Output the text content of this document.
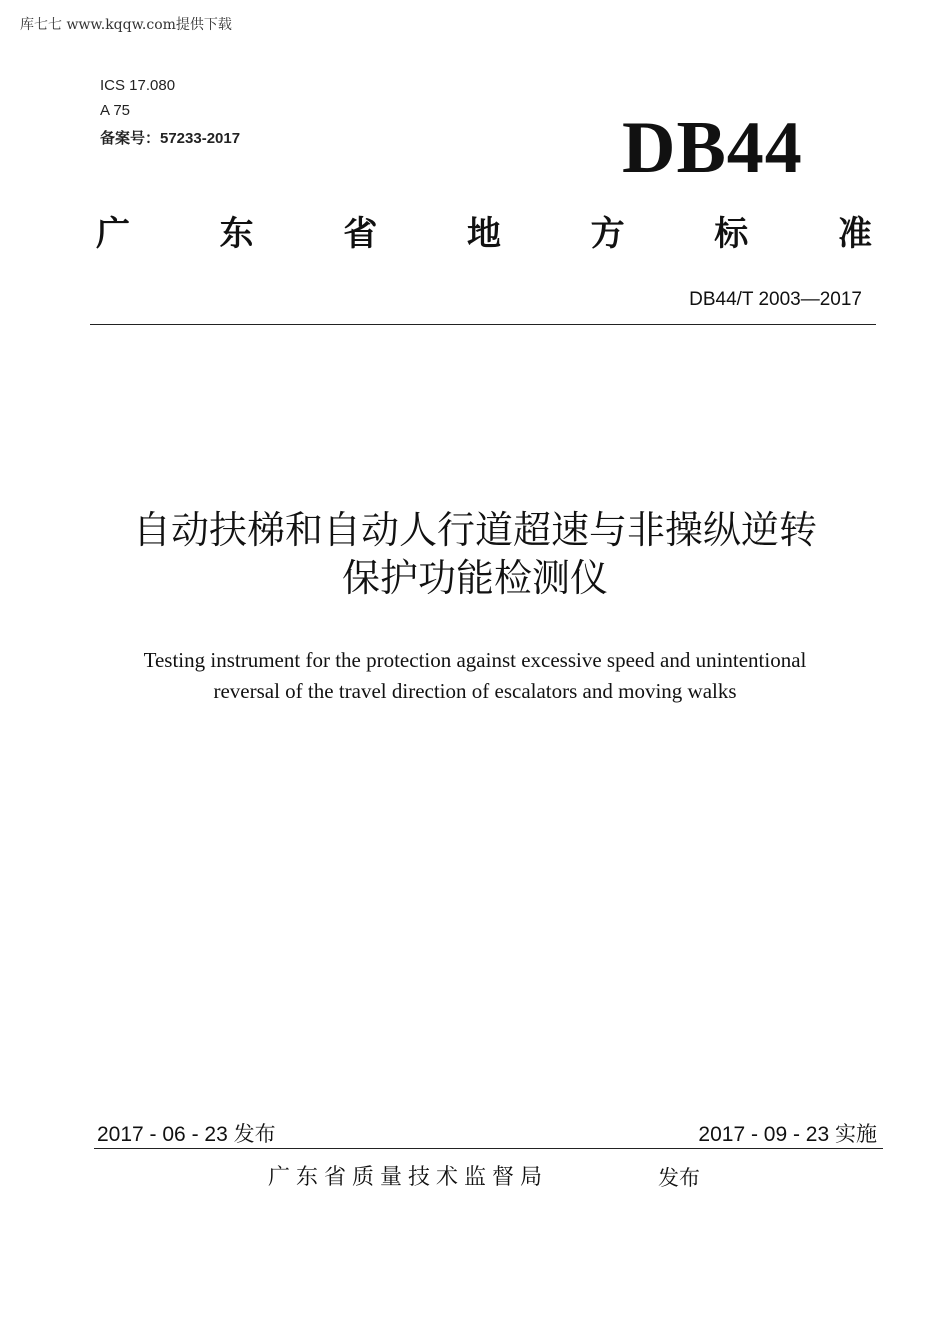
库七七 www.kqqw.com提供下载
ICS 17.080
A 75
备案号：57233-2017	DB44
广	东	省	地	方	标	准
DB44/T 2003—2017
自动扶梯和自动人行道超速与非操纵逆转
保护功能检测仪
Testing instrument for the protection against excessive speed and unintentional
reversal of the travel direction of escalators and moving walks
2017 - 06 - 23 发布	2017 - 09 - 23 实施
广东省质量技术监督局	发布
